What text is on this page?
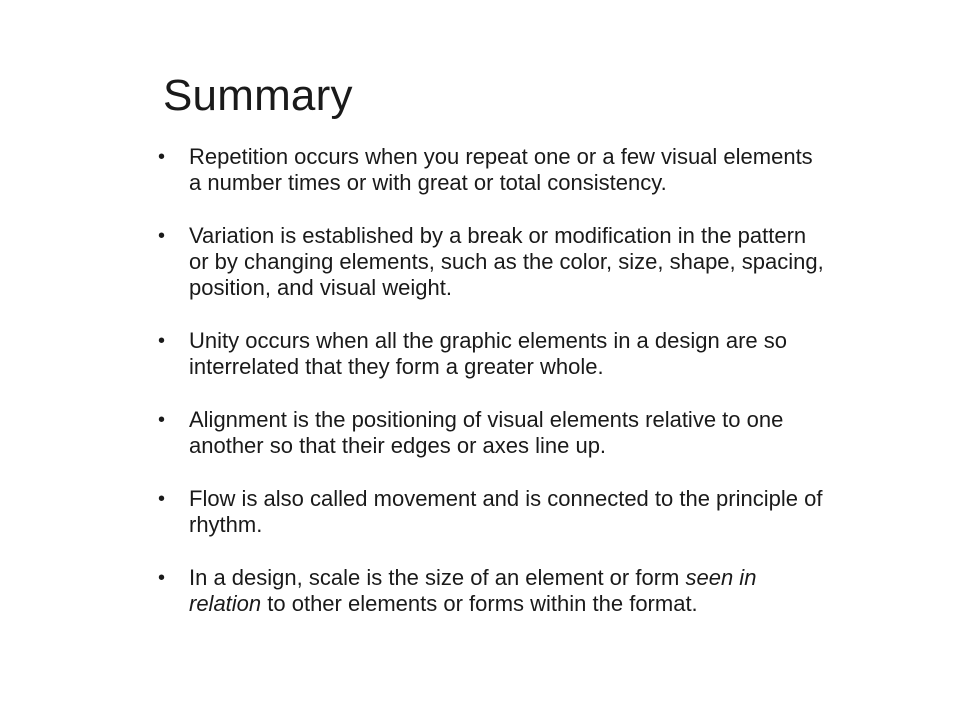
Summary
• Repetition occurs when you repeat one or a few visual elements a number times or with great or total consistency.
• Variation is established by a break or modification in the pattern or by changing elements, such as the color, size, shape, spacing, position, and visual weight.
• Unity occurs when all the graphic elements in a design are so interrelated that they form a greater whole.
• Alignment is the positioning of visual elements relative to one another so that their edges or axes line up.
• Flow is also called movement and is connected to the principle of rhythm.
• In a design, scale is the size of an element or form seen in relation to other elements or forms within the format.
